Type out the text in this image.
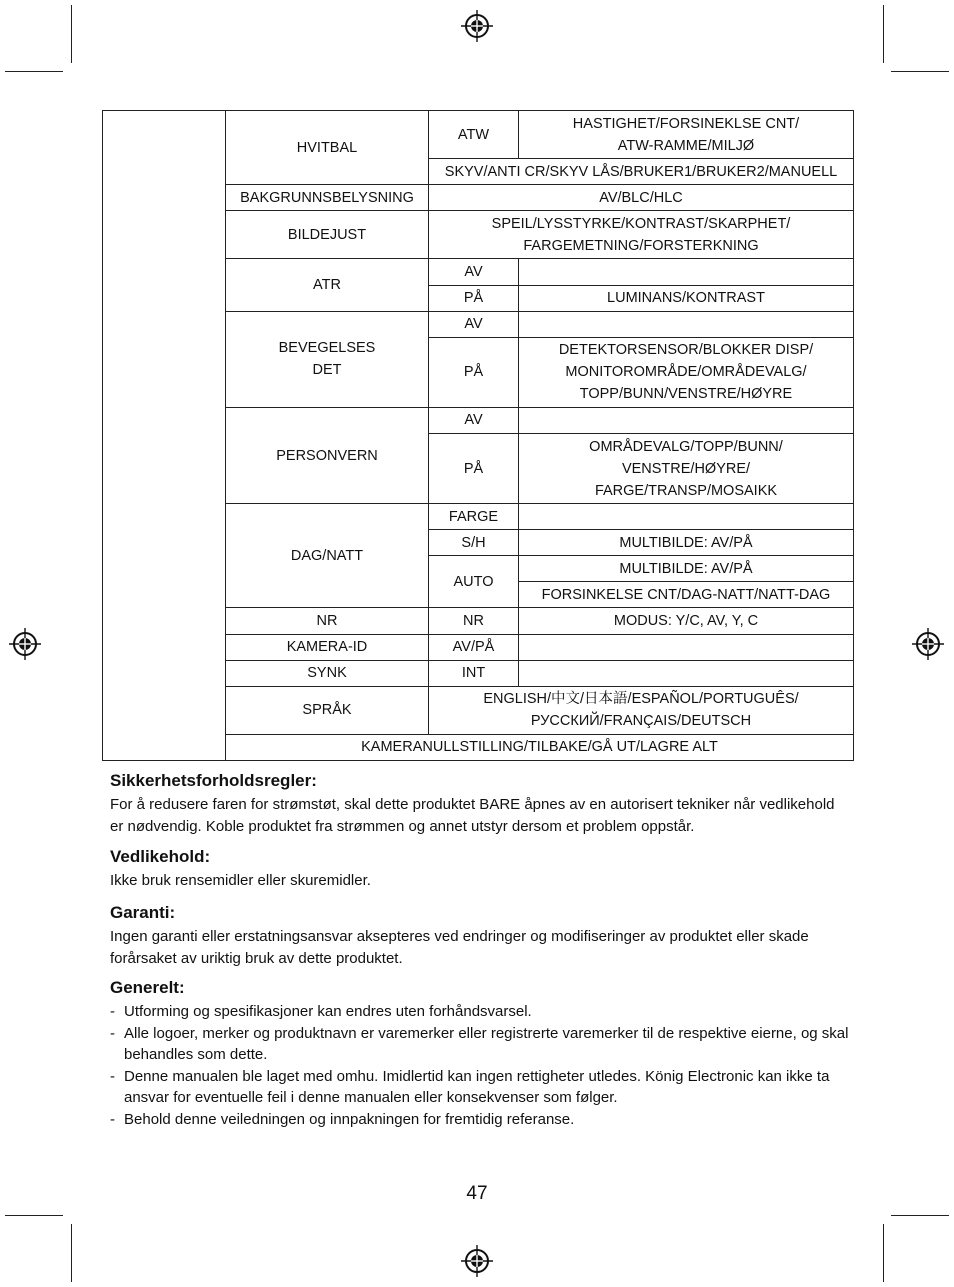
	HVITBAL	ATW	HASTIGHET/FORSINEKLSE CNT/
ATW-RAMME/MILJØ
		SKYV/ANTI CR/SKYV LÅS/BRUKER1/BRUKER2/MANUELL	
	BAKGRUNNSBELYSNING	AV/BLC/HLC	
	BILDEJUST	SPEIL/LYSSTYRKE/KONTRAST/SKARPHET/
FARGEMETNING/FORSTERKNING	
	ATR	AV	
		PÅ	LUMINANS/KONTRAST
	BEVEGELSES
DET	AV	
		PÅ	DETEKTORSENSOR/BLOKKER DISP/
MONITOROMRÅDE/OMRÅDEVALG/
TOPP/BUNN/VENSTRE/HØYRE
	PERSONVERN	AV	
		PÅ	OMRÅDEVALG/TOPP/BUNN/
VENSTRE/HØYRE/
FARGE/TRANSP/MOSAIKK
	DAG/NATT	FARGE	
		S/H	MULTIBILDE: AV/PÅ
		AUTO	MULTIBILDE: AV/PÅ
			FORSINKELSE CNT/DAG-NATT/NATT-DAG
	NR	NR	MODUS: Y/C, AV, Y, C
	KAMERA-ID	AV/PÅ	
	SYNK	INT	
	SPRÅK	ENGLISH/中文/日本語/ESPAÑOL/PORTUGUÊS/
РУССКИЙ/FRANÇAIS/DEUTSCH	
	KAMERANULLSTILLING/TILBAKE/GÅ UT/LAGRE ALT		
Sikkerhetsforholdsregler:

For å redusere faren for strømstøt, skal dette produktet BARE åpnes av en autorisert tekniker når vedlikehold er nødvendig. Koble produktet fra strømmen og annet utstyr dersom et problem oppstår.

Vedlikehold:

Ikke bruk rensemidler eller skuremidler.

Garanti:

Ingen garanti eller erstatningsansvar aksepteres ved endringer og modifiseringer av produktet eller skade forårsaket av uriktig bruk av dette produktet.

Generelt:
- Utforming og spesifikasjoner kan endres uten forhåndsvarsel.
- Alle logoer, merker og produktnavn er varemerker eller registrerte varemerker til de respektive eierne, og skal behandles som dette.
- Denne manualen ble laget med omhu. Imidlertid kan ingen rettigheter utledes. König Electronic kan ikke ta ansvar for eventuelle feil i denne manualen eller konsekvenser som følger.
- Behold denne veiledningen og innpakningen for fremtidig referanse.
47
